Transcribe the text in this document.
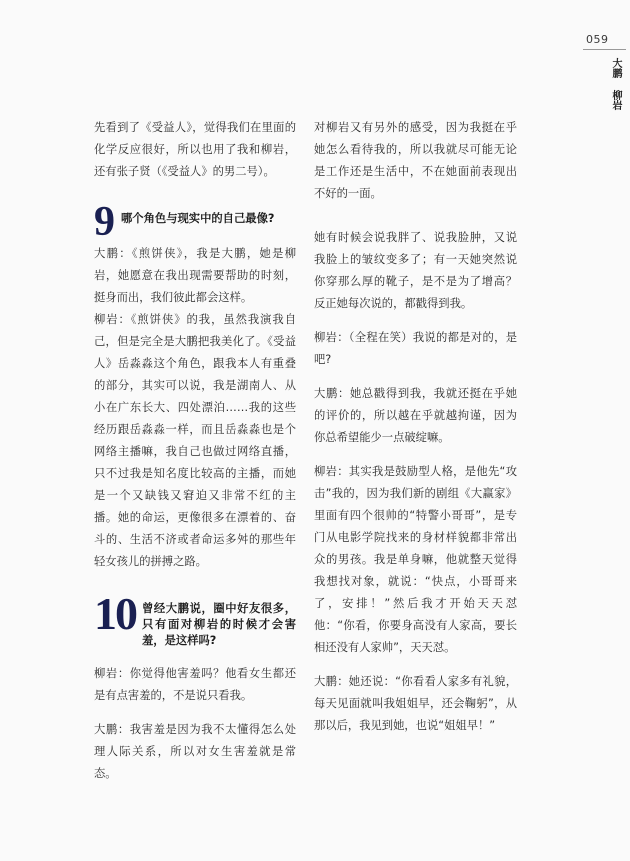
059
大鹏
柳岩

先看到了《受益人》，觉得我们在里面的化学反应很好，所以也用了我和柳岩，还有张子贤（《受益人》的男二号）。

9 哪个角色与现实中的自己最像?

大鹏：《煎饼侠》，我是大鹏，她是柳岩，她愿意在我出现需要帮助的时刻，挺身而出，我们彼此都会这样。

柳岩：《煎饼侠》的我，虽然我演我自己，但是完全是大鹏把我美化了。《受益人》岳淼淼这个角色，跟我本人有重叠的部分，其实可以说，我是湖南人、从小在广东长大、四处漂泊……我的这些经历跟岳淼淼一样，而且岳淼淼也是个网络主播嘛，我自己也做过网络直播，只不过我是知名度比较高的主播，而她是一个又缺钱又窘迫又非常不红的主播。她的命运，更像很多在漂着的、奋斗的、生活不济或者命运多舛的那些年轻女孩儿的拼搏之路。

10 曾经大鹏说，圈中好友很多，只有面对柳岩的时候才会害羞，是这样吗?

柳岩：你觉得他害羞吗？他看女生都还是有点害羞的，不是说只看我。

大鹏：我害羞是因为我不太懂得怎么处理人际关系，所以对女生害羞就是常态。

对柳岩又有另外的感受，因为我挺在乎她怎么看待我的，所以我就尽可能无论是工作还是生活中，不在她面前表现出不好的一面。

她有时候会说我胖了、说我脸肿，又说我脸上的皱纹变多了；有一天她突然说你穿那么厚的靴子，是不是为了增高？反正她每次说的，都戳得到我。

柳岩：（全程在笑）我说的都是对的，是吧?

大鹏：她总戳得到我，我就还挺在乎她的评价的，所以越在乎就越拘谨，因为你总希望能少一点破绽嘛。

柳岩：其实我是鼓励型人格，是他先“攻击”我的，因为我们新的剧组《大赢家》里面有四个很帅的“特警小哥哥”，是专门从电影学院找来的身材样貌都非常出众的男孩。我是单身嘛，他就整天觉得我想找对象，就说：“快点，小哥哥来了，安排！”然后我才开始天天怼他：“你看，你要身高没有人家高，要长相还没有人家帅”，天天怼。

大鹏：她还说：“你看看人家多有礼貌，每天见面就叫我姐姐早，还会鞠躬”，从那以后，我见到她，也说“姐姐早！”
